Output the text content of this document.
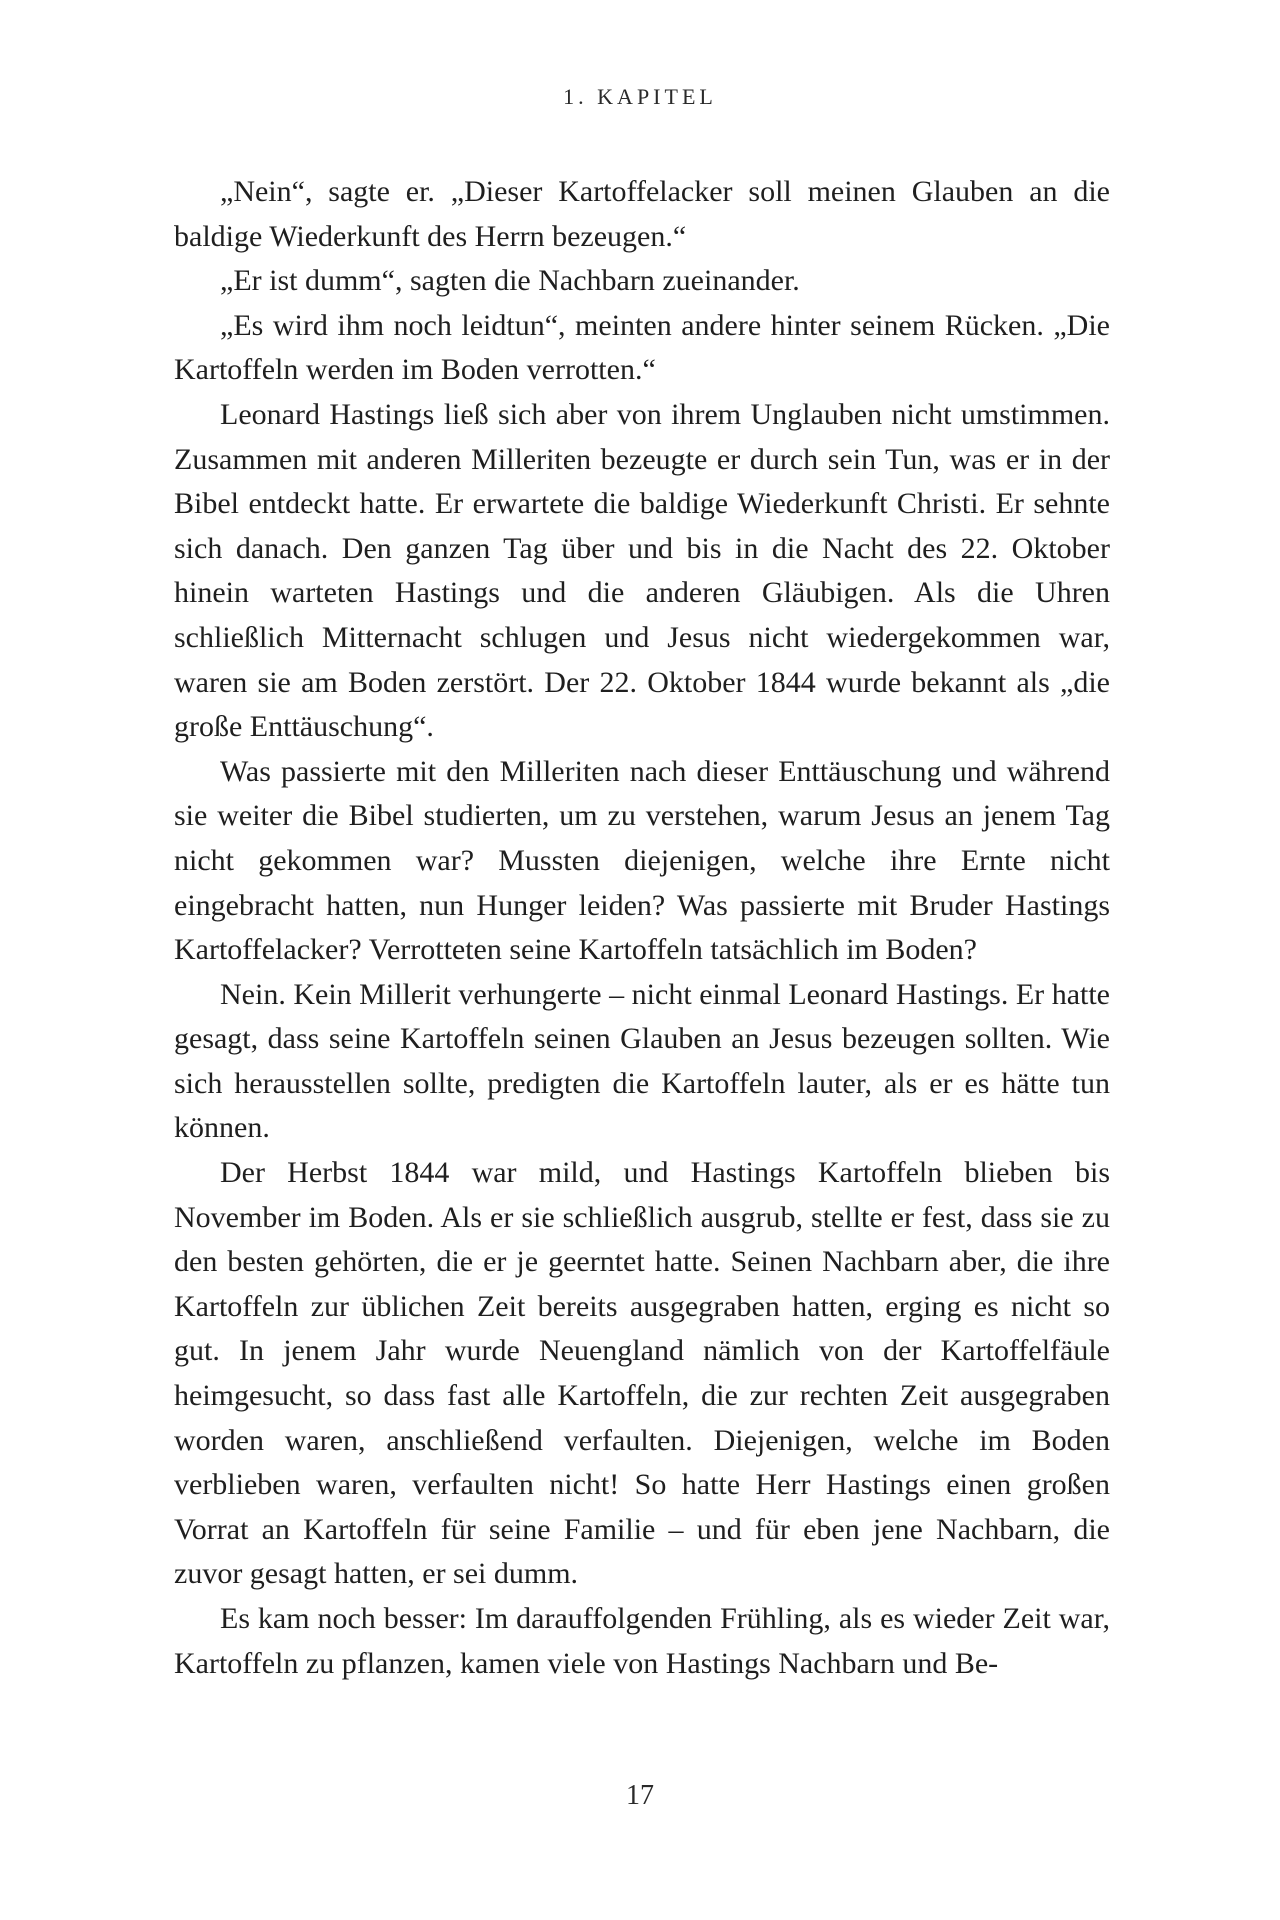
1. KAPITEL

„Nein“, sagte er. „Dieser Kartoffelacker soll meinen Glauben an die baldige Wiederkunft des Herrn bezeugen.“

„Er ist dumm“, sagten die Nachbarn zueinander.

„Es wird ihm noch leidtun“, meinten andere hinter seinem Rücken. „Die Kartoffeln werden im Boden verrotten.“

Leonard Hastings ließ sich aber von ihrem Unglauben nicht umstimmen. Zusammen mit anderen Milleriten bezeugte er durch sein Tun, was er in der Bibel entdeckt hatte. Er erwartete die baldige Wiederkunft Christi. Er sehnte sich danach. Den ganzen Tag über und bis in die Nacht des 22. Oktober hinein warteten Hastings und die anderen Gläubigen. Als die Uhren schließlich Mitternacht schlugen und Jesus nicht wiedergekommen war, waren sie am Boden zerstört. Der 22. Oktober 1844 wurde bekannt als „die große Enttäuschung“.

Was passierte mit den Milleriten nach dieser Enttäuschung und während sie weiter die Bibel studierten, um zu verstehen, warum Jesus an jenem Tag nicht gekommen war? Mussten diejenigen, welche ihre Ernte nicht eingebracht hatten, nun Hunger leiden? Was passierte mit Bruder Hastings Kartoffelacker? Verrotteten seine Kartoffeln tatsächlich im Boden?

Nein. Kein Millerit verhungerte – nicht einmal Leonard Hastings. Er hatte gesagt, dass seine Kartoffeln seinen Glauben an Jesus bezeugen sollten. Wie sich herausstellen sollte, predigten die Kartoffeln lauter, als er es hätte tun können.

Der Herbst 1844 war mild, und Hastings Kartoffeln blieben bis November im Boden. Als er sie schließlich ausgrub, stellte er fest, dass sie zu den besten gehörten, die er je geerntet hatte. Seinen Nachbarn aber, die ihre Kartoffeln zur üblichen Zeit bereits ausgegraben hatten, erging es nicht so gut. In jenem Jahr wurde Neuengland nämlich von der Kartoffelfäule heimgesucht, so dass fast alle Kartoffeln, die zur rechten Zeit ausgegraben worden waren, anschließend verfaulten. Diejenigen, welche im Boden verblieben waren, verfaulten nicht! So hatte Herr Hastings einen großen Vorrat an Kartoffeln für seine Familie – und für eben jene Nachbarn, die zuvor gesagt hatten, er sei dumm.

Es kam noch besser: Im darauffolgenden Frühling, als es wieder Zeit war, Kartoffeln zu pflanzen, kamen viele von Hastings Nachbarn und Be-

17
